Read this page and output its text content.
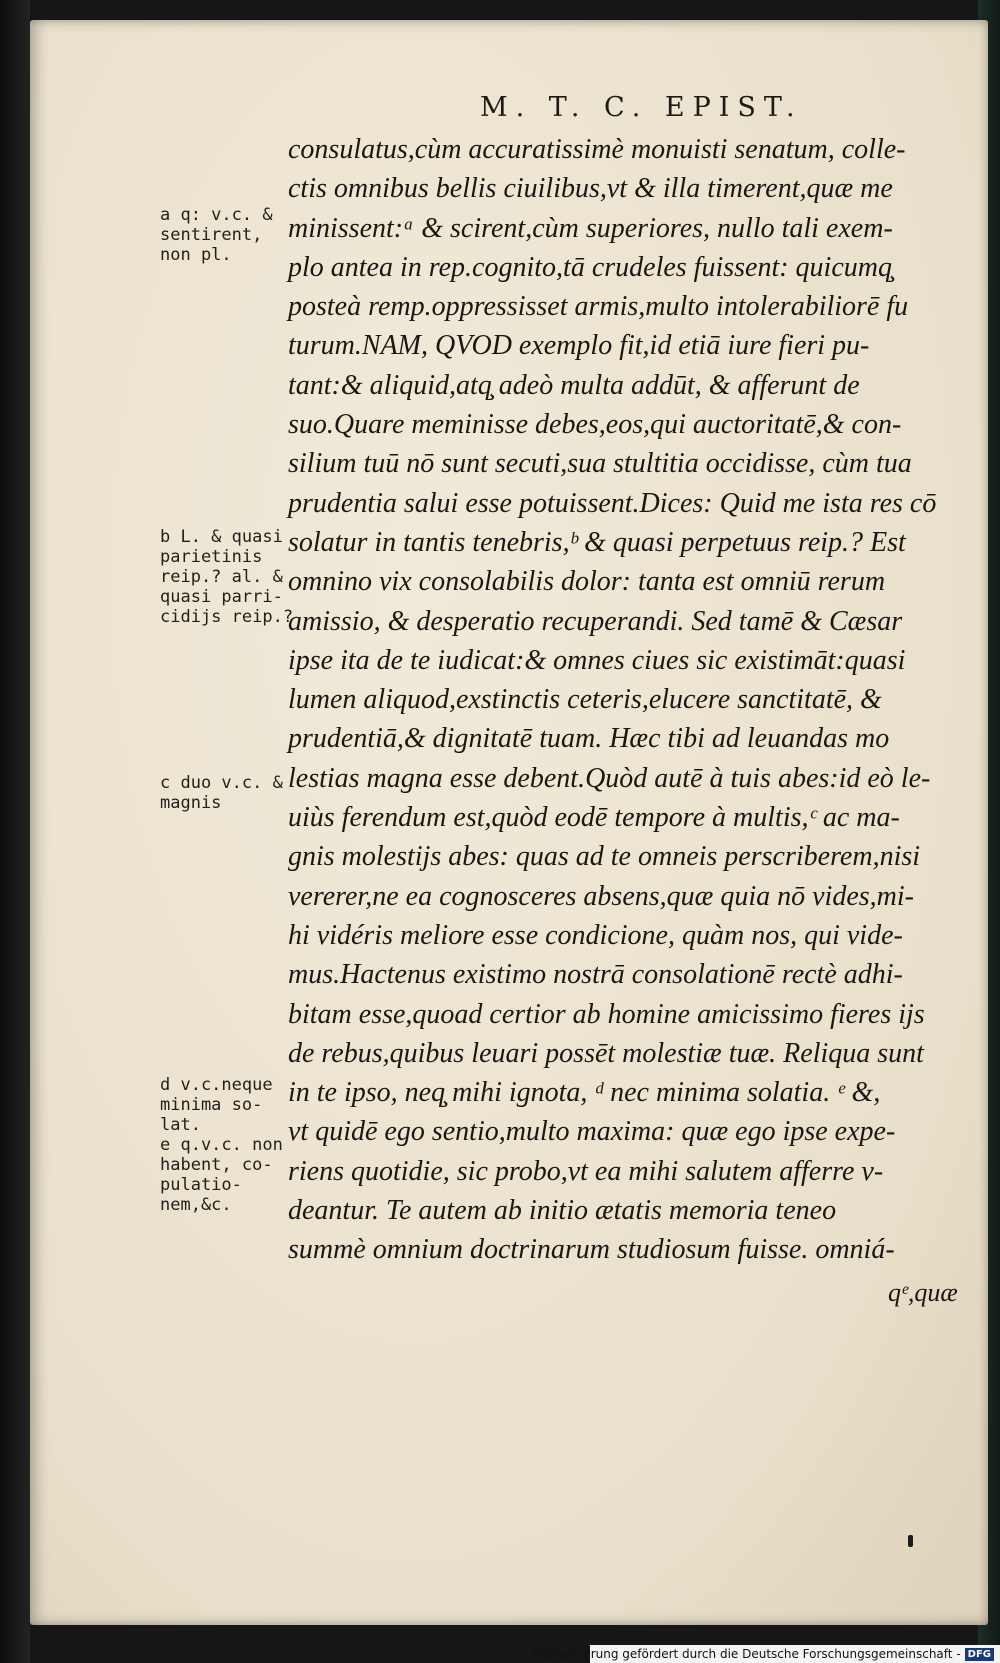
M. T. C. EPIST.
a q: v.c. &
sentirent,
non pl.
b L. & quasi
parietinis
reip.? al. &
quasi parri-
cidijs reip.?
c duo v.c. &
magnis
d v.c.neque
minima so-
lat.
e q.v.c. non
habent, co-
pulatio-
nem,&c.
consulatus,cùm accuratissimè monuisti senatum, colle-
ctis omnibus bellis ciuilibus,vt & illa timerent,quæ me
minissent:ᵃ & scirent,cùm superiores, nullo tali exem-
plo antea in rep.cognito,tā crudeles fuissent: quicumq̧
posteà remp.oppressisset armis,multo intolerabiliorē fu
turum.NAM, QVOD exemplo fit,id etiā iure fieri pu-
tant:& aliquid,atq̧ adeò multa addūt, & afferunt de
suo.Quare meminisse debes,eos,qui auctoritatē,& con-
silium tuū nō sunt secuti,sua stultitia occidisse, cùm tua
prudentia salui esse potuissent.Dices: Quid me ista res cō
solatur in tantis tenebris,ᵇ & quasi perpetuus reip.? Est
omnino vix consolabilis dolor: tanta est omniū rerum
amissio, & desperatio recuperandi. Sed tamē & Cæsar
ipse ita de te iudicat:& omnes ciues sic existimāt:quasi
lumen aliquod,exstinctis ceteris,elucere sanctitatē, &
prudentiā,& dignitatē tuam. Hæc tibi ad leuandas mo
lestias magna esse debent.Quòd autē à tuis abes:id eò le-
uiùs ferendum est,quòd eodē tempore à multis,ᶜ ac ma-
gnis molestijs abes: quas ad te omneis perscriberem,nisi
vererer,ne ea cognosceres absens,quæ quia nō vides,mi-
hi vidéris meliore esse condicione, quàm nos, qui vide-
mus.Hactenus existimo nostrā consolationē rectè adhi-
bitam esse,quoad certior ab homine amicissimo fieres ijs
de rebus,quibus leuari possēt molestiæ tuæ. Reliqua sunt
in te ipso, neq̧ mihi ignota, ᵈ nec minima solatia. ᵉ &,
vt quidē ego sentio,multo maxima: quæ ego ipse expe-
riens quotidie, sic probo,vt ea mihi salutem afferre v-
deantur. Te autem ab initio ætatis memoria teneo
summè omnium doctrinarum studiosum fuisse. omniá-
qᵉ,quæ
Digitalisierung gefördert durch die Deutsche Forschungsgemeinschaft - DFG
